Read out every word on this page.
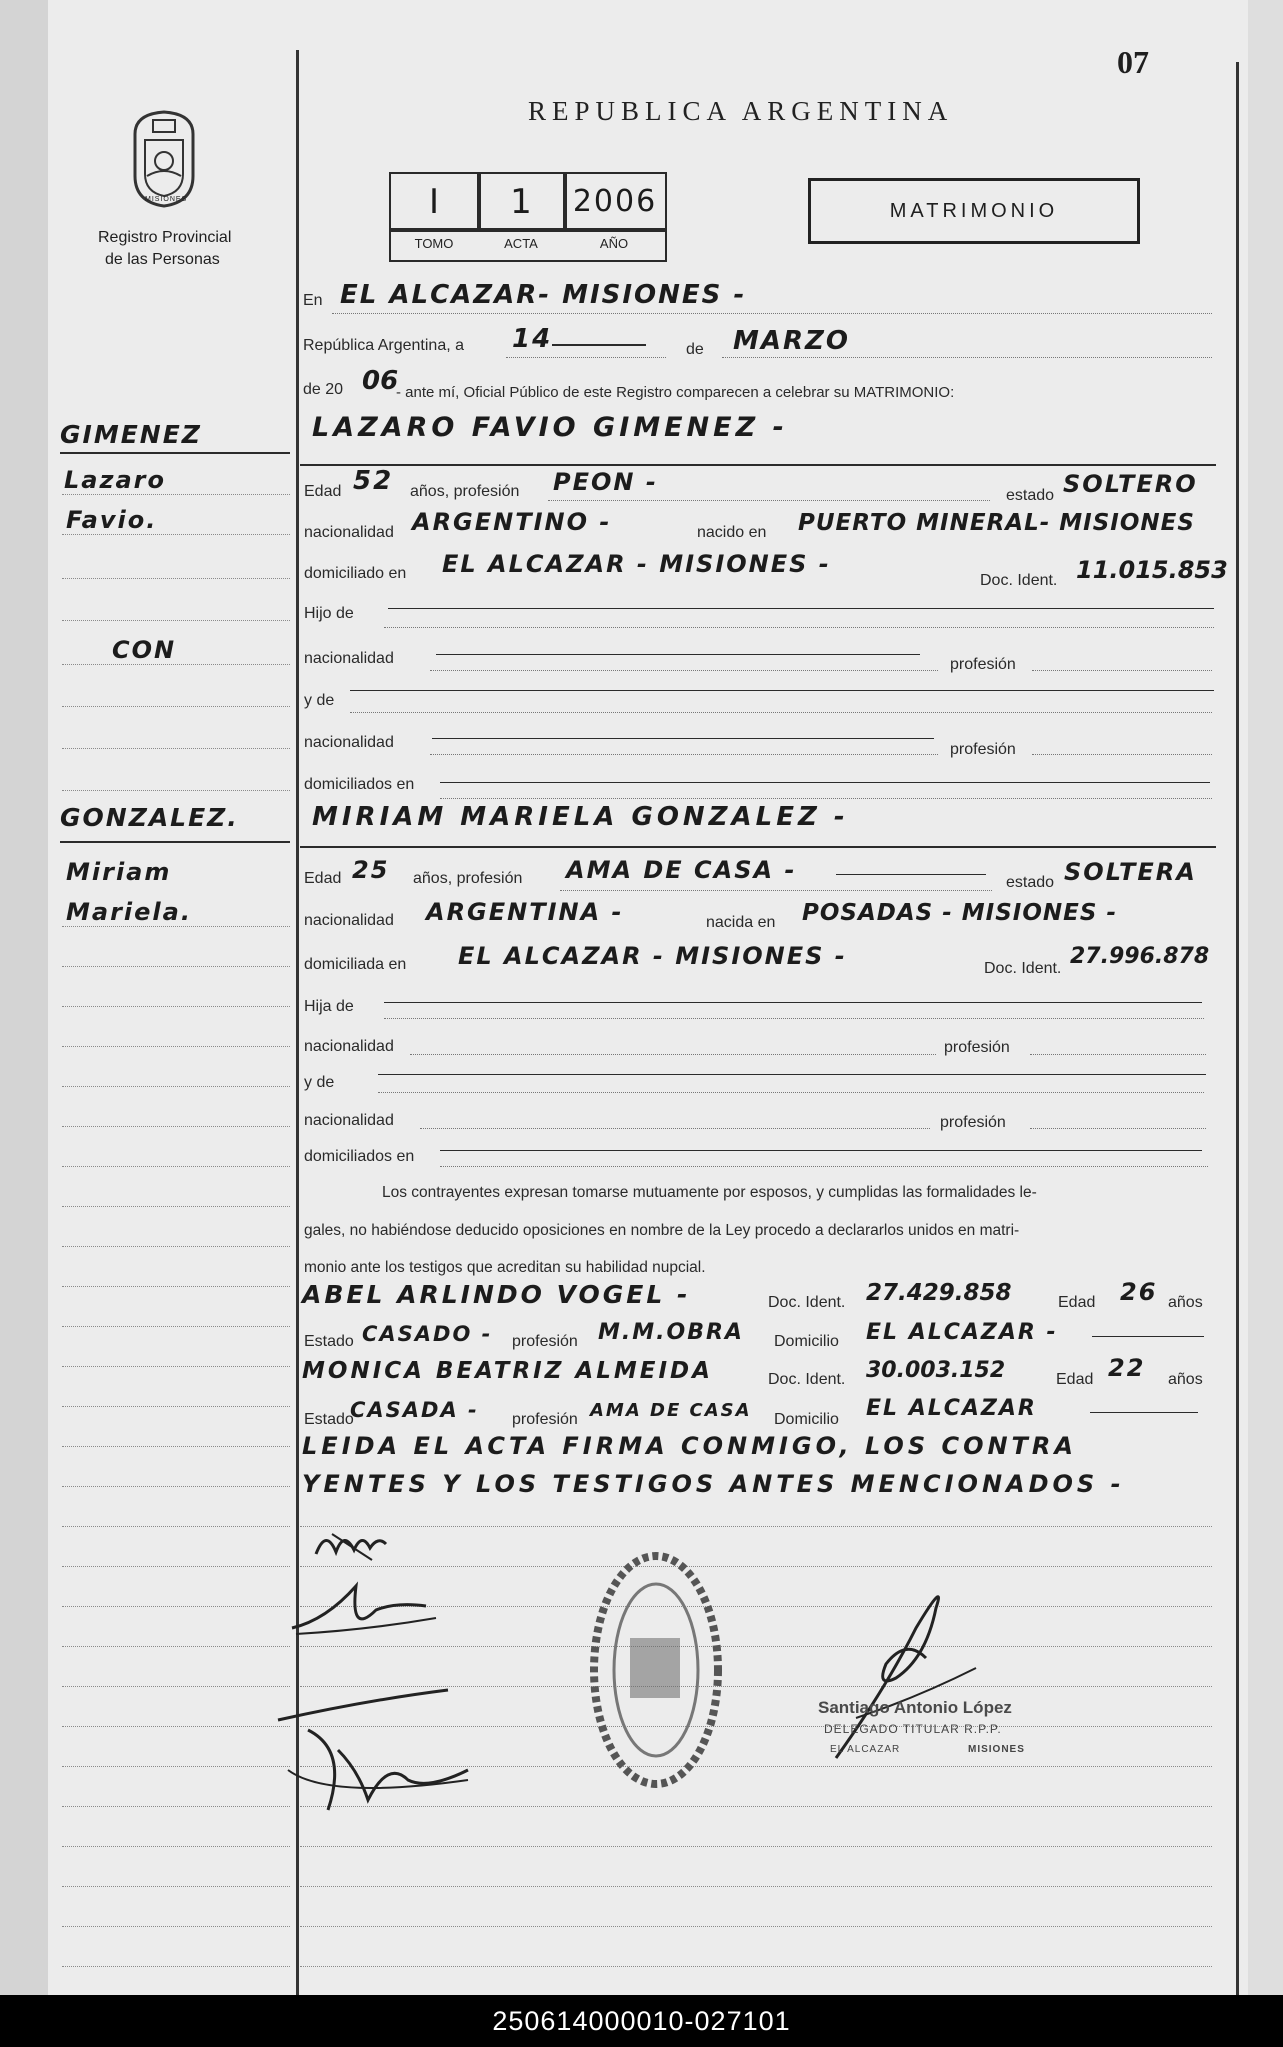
07
MISIONES
Registro Provincial
de las Personas
REPUBLICA ARGENTINA
I	1	2006
TOMO	ACTA	AÑO
MATRIMONIO
En EL ALCAZAR- MISIONES -
República Argentina, a 14	de MARZO
de 20 06
- ante mí, Oficial Público de este Registro comparecen a celebrar su MATRIMONIO:
GIMENEZ
Lazaro
Favio.
CON
GONZALEZ.
Miriam
Mariela.
LAZARO FAVIO GIMENEZ -
Edad 52 años, profesión PEON -	estado SOLTERO
nacionalidad ARGENTINO -	nacido en PUERTO MINERAL- MISIONES
domiciliado en EL ALCAZAR - MISIONES -
Doc. Ident. 11.015.853
Hijo de
nacionalidad	profesión
y de
nacionalidad	profesión
domiciliados en
MIRIAM MARIELA GONZALEZ -
Edad 25 años, profesión AMA DE CASA -	estado SOLTERA
nacionalidad ARGENTINA -	nacida en POSADAS - MISIONES -
domiciliada en EL ALCAZAR - MISIONES -	Doc. Ident. 27.996.878
Hija de
nacionalidad	profesión
y de
nacionalidad	profesión
domiciliados en
Los contrayentes expresan tomarse mutuamente por esposos, y cumplidas las formalidades le-
gales, no habiéndose deducido oposiciones en nombre de la Ley procedo a declararlos unidos en matri-
monio ante los testigos que acreditan su habilidad nupcial.
ABEL ARLINDO VOGEL -	Doc. Ident. 27.429.858	Edad 26 años
Estado CASADO - profesión M.M.OBRA Domicilio EL ALCAZAR -
MONICA BEATRIZ ALMEIDA	Doc. Ident. 30.003.152	Edad 22 años
Estado
CASADA - profesión AMA DE CASA Domicilio EL ALCAZAR
LEIDA EL ACTA FIRMA CONMIGO, LOS CONTRA
YENTES Y LOS TESTIGOS ANTES MENCIONADOS -
Santiago Antonio López
DELEGADO TITULAR R.P.P.
EL ALCAZAR	MISIONES
250614000010-027101
